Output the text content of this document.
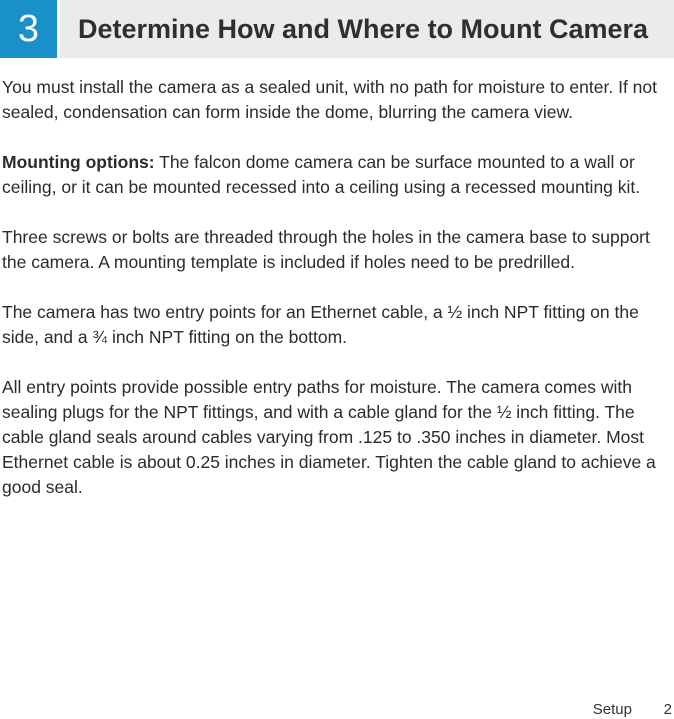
3	Determine How and Where to Mount Camera

You must install the camera as a sealed unit, with no path for moisture to enter. If not sealed, condensation can form inside the dome, blurring the camera view.

Mounting options: The falcon dome camera can be surface mounted to a wall or ceiling, or it can be mounted recessed into a ceiling using a recessed mounting kit.

Three screws or bolts are threaded through the holes in the camera base to support the camera. A mounting template is included if holes need to be predrilled.

The camera has two entry points for an Ethernet cable, a ½ inch NPT fitting on the side, and a ¾ inch NPT fitting on the bottom.

All entry points provide possible entry paths for moisture. The camera comes with sealing plugs for the NPT fittings, and with a cable gland for the ½ inch fitting. The cable gland seals around cables varying from .125 to .350 inches in diameter. Most Ethernet cable is about 0.25 inches in diameter. Tighten the cable gland to achieve a good seal.

Setup 2
